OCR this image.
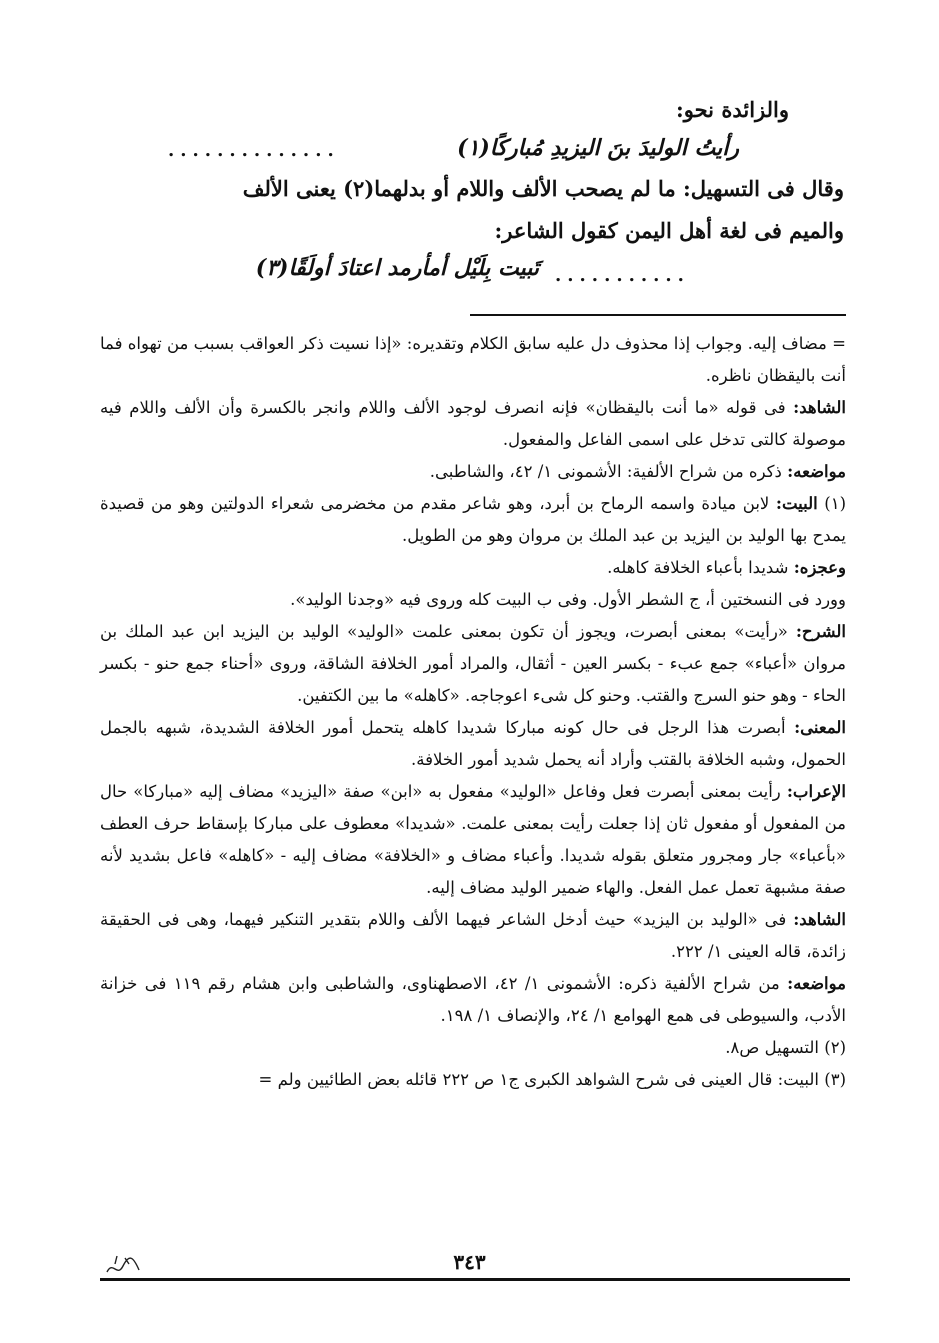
والزائدة نحو:
رأيتُ الوليدَ بنَ اليزيدِ مُباركًا(١)
..............
وقال فى التسهيل: ما لم يصحب الألف واللام أو بدلهما(٢) يعنى الألف
والميم فى لغة أهل اليمن كقول الشاعر:
تَبيت بِلَيْل أمأرمد اعتادَ أولَقًا(٣) ...........

= مضاف إليه. وجواب إذا محذوف دل عليه سابق الكلام وتقديره: «إذا نسيت ذكر العواقب بسبب من تهواه فما أنت باليقظان ناظره.

الشاهد: فى قوله «ما أنت باليقظان» فإنه انصرف لوجود الألف واللام وانجر بالكسرة وأن الألف واللام فيه موصولة كالتى تدخل على اسمى الفاعل والمفعول.

مواضعه: ذكره من شراح الألفية: الأشمونى ١/ ٤٢، والشاطبى.

(١) البيت: لابن ميادة واسمه الرماح بن أبرد، وهو شاعر مقدم من مخضرمى شعراء الدولتين وهو من قصيدة يمدح بها الوليد بن اليزيد بن عبد الملك بن مروان وهو من الطويل.

وعجزه: شديدا بأعباء الخلافة كاهله.

وورد فى النسختين أ، ج الشطر الأول. وفى ب البيت كله وروى فيه «وجدنا الوليد».

الشرح: «رأيت» بمعنى أبصرت، ويجوز أن تكون بمعنى علمت «الوليد» الوليد بن اليزيد ابن عبد الملك بن مروان «أعباء» جمع عبء - بكسر العين - أثقال، والمراد أمور الخلافة الشاقة، وروى «أحناء جمع حنو - بكسر الحاء - وهو حنو السرج والقتب. وحنو كل شىء اعوجاجه. «كاهله» ما بين الكتفين.

المعنى: أبصرت هذا الرجل فى حال كونه مباركا شديدا كاهله يتحمل أمور الخلافة الشديدة، شبهه بالجمل الحمول، وشبه الخلافة بالقتب وأراد أنه يحمل شديد أمور الخلافة.

الإعراب: رأيت بمعنى أبصرت فعل وفاعل «الوليد» مفعول به «ابن» صفة «اليزيد» مضاف إليه «مباركا» حال من المفعول أو مفعول ثان إذا جعلت رأيت بمعنى علمت. «شديدا» معطوف على مباركا بإسقاط حرف العطف «بأعباء» جار ومجرور متعلق بقوله شديدا. وأعباء مضاف و «الخلافة» مضاف إليه - «كاهله» فاعل بشديد لأنه صفة مشبهة تعمل عمل الفعل. والهاء ضمير الوليد مضاف إليه.

الشاهد: فى «الوليد بن اليزيد» حيث أدخل الشاعر فيهما الألف واللام بتقدير التنكير فيهما، وهى فى الحقيقة زائدة، قاله العينى ١/ ٢٢٢.

مواضعه: من شراح الألفية ذكره: الأشمونى ١/ ٤٢، الاصطهناوى، والشاطبى وابن هشام رقم ١١٩ فى خزانة الأدب، والسيوطى فى همع الهوامع ١/ ٢٤، والإنصاف ١/ ١٩٨.

(٢) التسهيل ص٨.

(٣) البيت: قال العينى فى شرح الشواهد الكبرى ج١ ص ٢٢٢ قائله بعض الطائيين ولم =

٣٤٣
